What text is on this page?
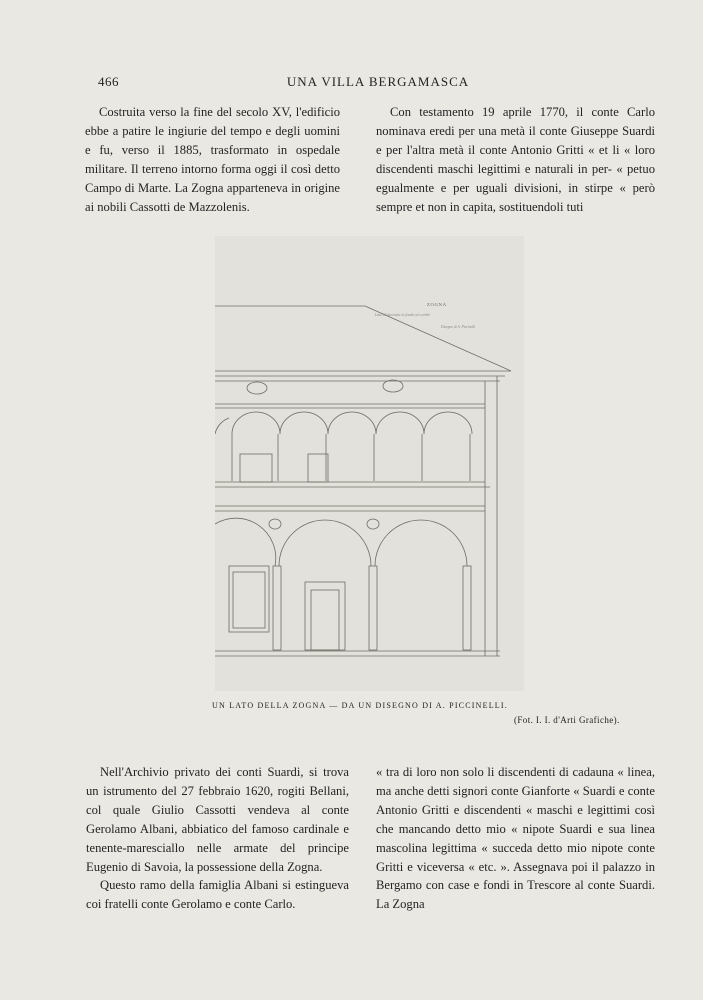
466	UNA VILLA BERGAMASCA

Costruita verso la fine del secolo XV, l'edificio ebbe a patire le ingiurie del tempo e degli uomini e fu, verso il 1885, trasformato in ospedale militare. Il terreno intorno forma oggi il così detto Campo di Marte. La Zogna apparteneva in origine ai nobili Cassotti de Mazzolenis.

Con testamento 19 aprile 1770, il conte Carlo nominava eredi per una metà il conte Giuseppe Suardi e per l'altra metà il conte Antonio Gritti « et li « loro discendenti maschi legittimi e naturali in per- « petuo egualmente e per uguali divisioni, in stirpe « però sempre et non in capita, sostituendoli tuti

ZOGNA
Lato di facciata in fondo al cortile
Disegno di A. Piccinelli
UN LATO DELLA ZOGNA — DA UN DISEGNO DI A. PICCINELLI.
(Fot. I. I. d'Arti Grafiche).

Nell'Archivio privato dei conti Suardi, si trova un istrumento del 27 febbraio 1620, rogiti Bellani, col quale Giulio Cassotti vendeva al conte Gerolamo Albani, abbiatico del famoso cardinale e tenente-maresciallo nelle armate del principe Eugenio di Savoia, la possessione della Zogna.

Questo ramo della famiglia Albani si estingueva coi fratelli conte Gerolamo e conte Carlo.

« tra di loro non solo li discendenti di cadauna « linea, ma anche detti signori conte Gianforte « Suardi e conte Antonio Gritti e discendenti « maschi e legittimi così che mancando detto mio « nipote Suardi e sua linea mascolina legittima « succeda detto mio nipote conte Gritti e viceversa « etc. ». Assegnava poi il palazzo in Bergamo con case e fondi in Trescore al conte Suardi. La Zogna
